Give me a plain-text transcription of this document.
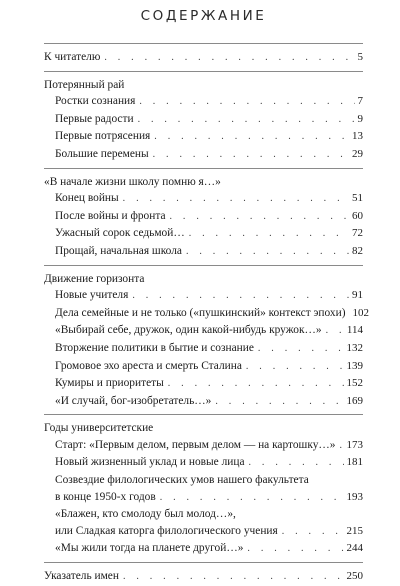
СОДЕРЖАНИЕ
К читателю . . .	5
Потерянный рай
Ростки сознания . . .	7
Первые радости . . .	9
Первые потрясения . . .	13
Большие перемены . . .	29
«В начале жизни школу помню я…»
Конец войны . . .	51
После войны и фронта . . .	60
Ужасный сорок седьмой… . . .	72
Прощай, начальная школа . . .	82
Движение горизонта
Новые учителя . . .	91
Дела семейные и не только («пушкинский» контекст эпохи) 102
«Выбирай себе, дружок, один какой-нибудь кружок…» . . . 114
Вторжение политики в бытие и сознание . . .	132
Громовое эхо ареста и смерть Сталина . . .	139
Кумиры и приоритеты . . .	152
«И случай, бог-изобретатель…» . . .	169
Годы университетские
Старт: «Первым делом, первым делом — на картошку…» . . . 173
Новый жизненный уклад и новые лица . . .	181
Созвездие филологических умов нашего факультета
в конце 1950-х годов . . .	193
«Блажен, кто смолоду был молод…»,
или Сладкая каторга филологического учения . . .	215
«Мы жили тогда на планете другой…» . . .	244
Указатель имен . . .	250
